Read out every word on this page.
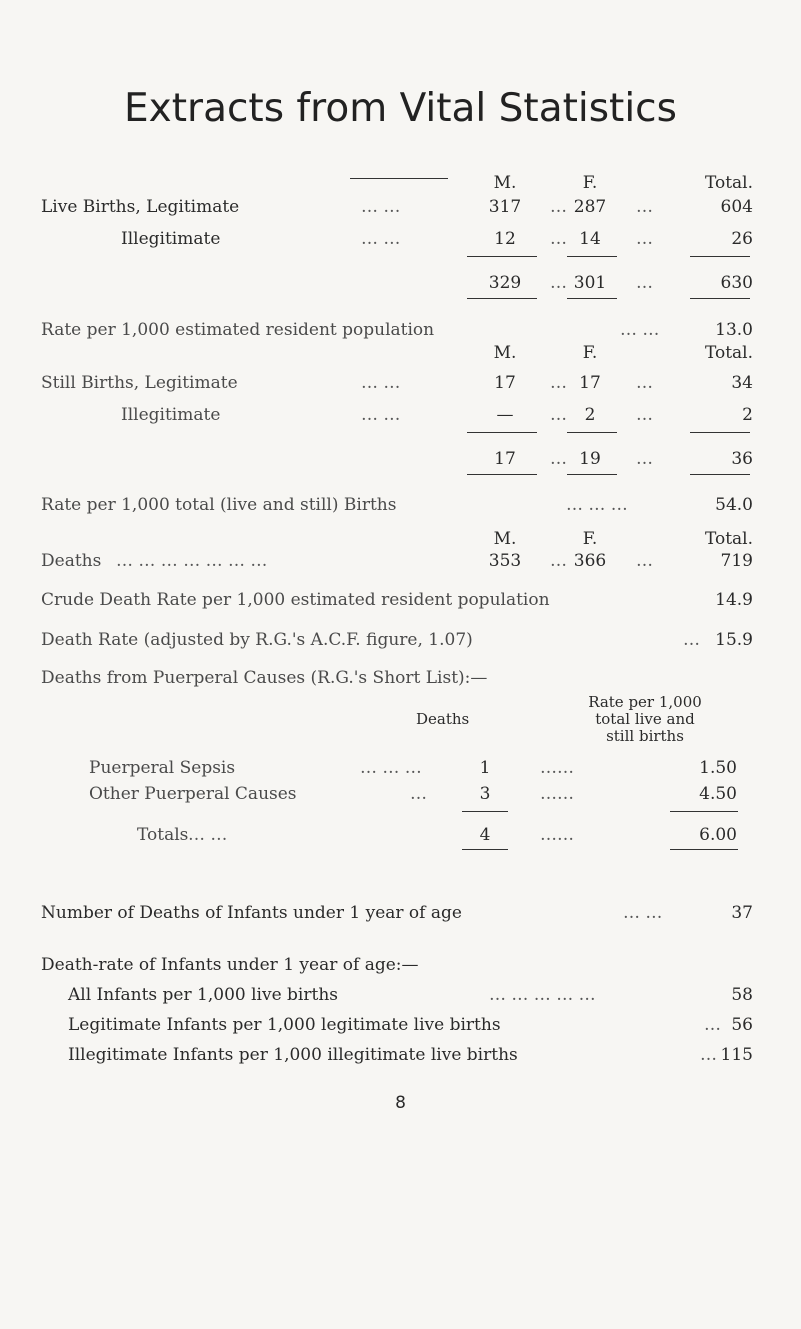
Extracts from Vital Statistics
M.	F.	Total.
Live Births, Legitimate	… …	317	… 287	…	604
Illegitimate	… …	12	… 14	…	26
329	… 301	…	630
Rate per 1,000 estimated resident population	… …	13.0
M.	F.	Total.
Still Births, Legitimate	… …	17	… 17	…	34
Illegitimate	… …	—	…	2	…	2
17	… 19	…	36
Rate per 1,000 total (live and still) Births	… … …	54.0
M.	F.	Total.
Deaths … … … … … … …	353	… 366	…	719
Crude Death Rate per 1,000 estimated resident population	14.9
Death Rate (adjusted by R.G.'s A.C.F. figure, 1.07)	… 15.9
Deaths from Puerperal Causes (R.G.'s Short List):—
Rate per 1,000
Deaths	total live and
still births
Puerperal Sepsis	… … …	1	……	1.50
Other Puerperal Causes	…	3	……	4.50
Totals … …	4	……	6.00
Number of Deaths of Infants under 1 year of age	… …	37
Death-rate of Infants under 1 year of age:—
All Infants per 1,000 live births	… … … … …	58
Legitimate Infants per 1,000 legitimate live births	… 56
Illegitimate Infants per 1,000 illegitimate live births	… 115
8
